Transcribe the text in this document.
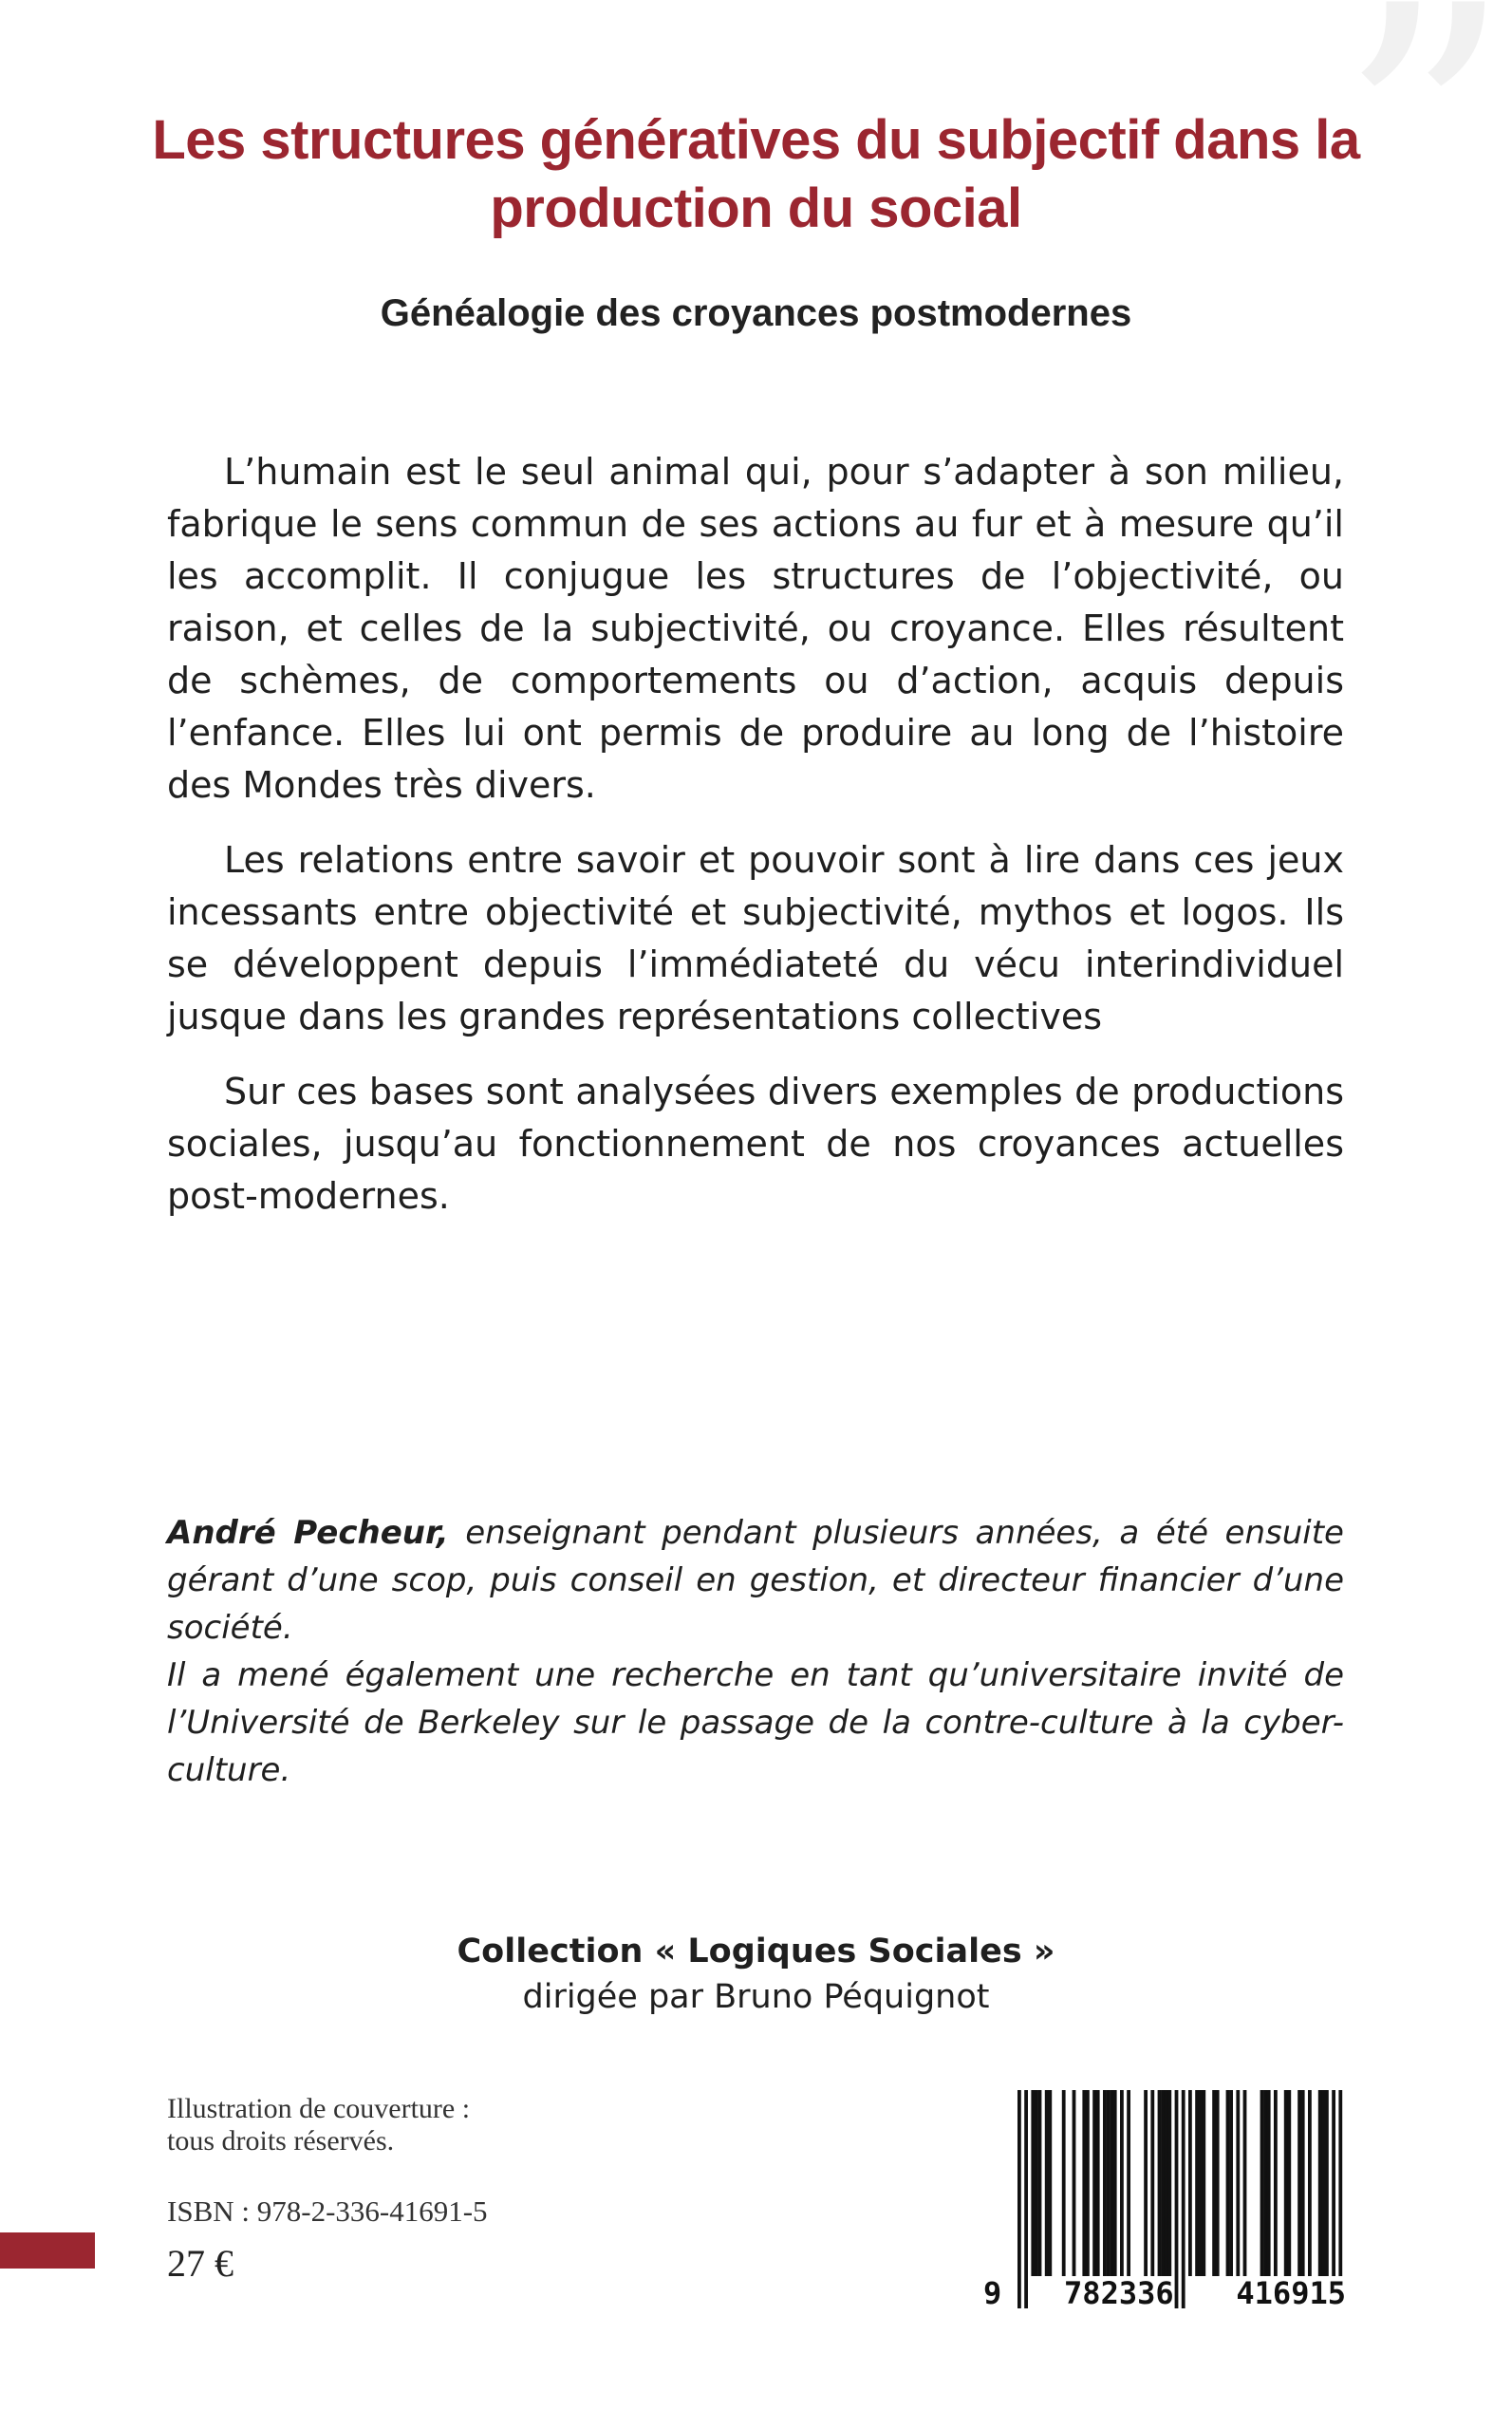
”
Les structures génératives du subjectif dans la production du social
Généalogie des croyances postmodernes

L’humain est le seul animal qui, pour s’adapter à son milieu, fabrique le sens commun de ses actions au fur et à mesure qu’il les accomplit. Il conjugue les structures de l’objectivité, ou raison, et celles de la subjectivité, ou croyance. Elles résultent de schèmes, de comportements ou d’action, acquis depuis l’enfance. Elles lui ont permis de produire au long de l’histoire des Mondes très divers.

Les relations entre savoir et pouvoir sont à lire dans ces jeux incessants entre objectivité et subjectivité, mythos et logos. Ils se développent depuis l’immédiateté du vécu interindividuel jusque dans les grandes représentations collectives

Sur ces bases sont analysées divers exemples de productions sociales, jusqu’au fonctionnement de nos croyances actuelles post-modernes.

André Pecheur, enseignant pendant plusieurs années, a été ensuite gérant d’une scop, puis conseil en gestion, et directeur financier d’une société.

Il a mené également une recherche en tant qu’universitaire invité de l’Université de Berkeley sur le passage de la contre-culture à la cyber-culture.

Collection « Logiques Sociales »
dirigée par Bruno Péquignot
Illustration de couverture :
tous droits réservés.
ISBN : 978-2-336-41691-5
27 €
9 782336 416915
